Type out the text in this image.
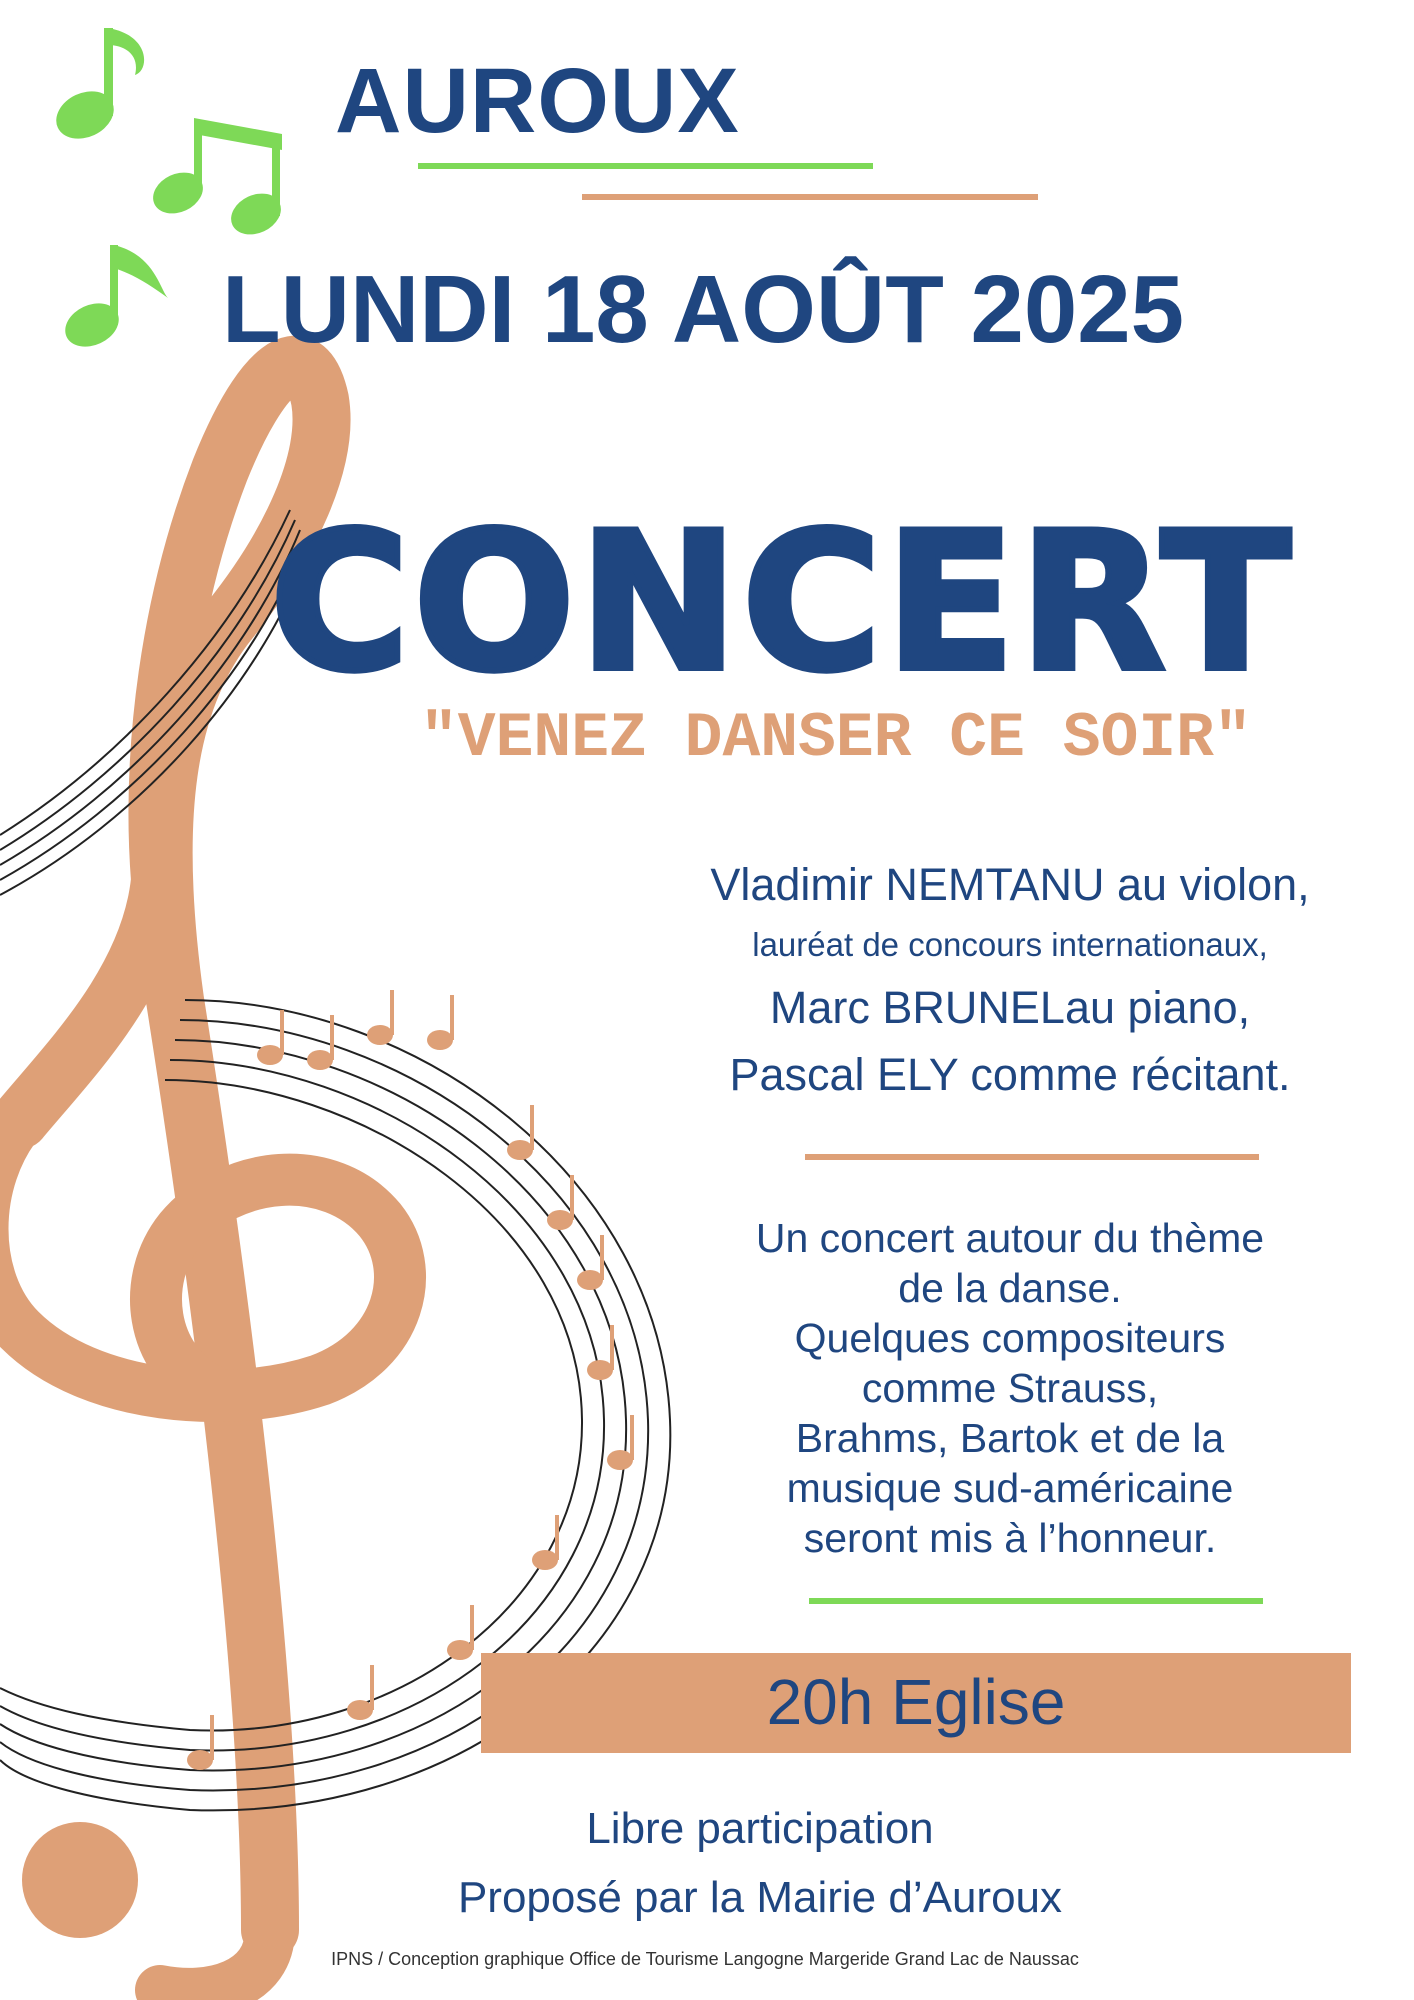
AUROUX
LUNDI 18 AOÛT 2025
CONCERT
"VENEZ DANSER CE SOIR"
Vladimir NEMTANU au violon,
lauréat de concours internationaux,
Marc BRUNELau piano,
Pascal ELY comme récitant.
Un concert autour du thème
de la danse.
Quelques compositeurs
comme Strauss,
Brahms, Bartok et de la
musique sud-américaine
seront mis à l’honneur.
20h Eglise
Libre participation
Proposé par la Mairie d’Auroux
IPNS / Conception graphique Office de Tourisme Langogne Margeride Grand Lac de Naussac
